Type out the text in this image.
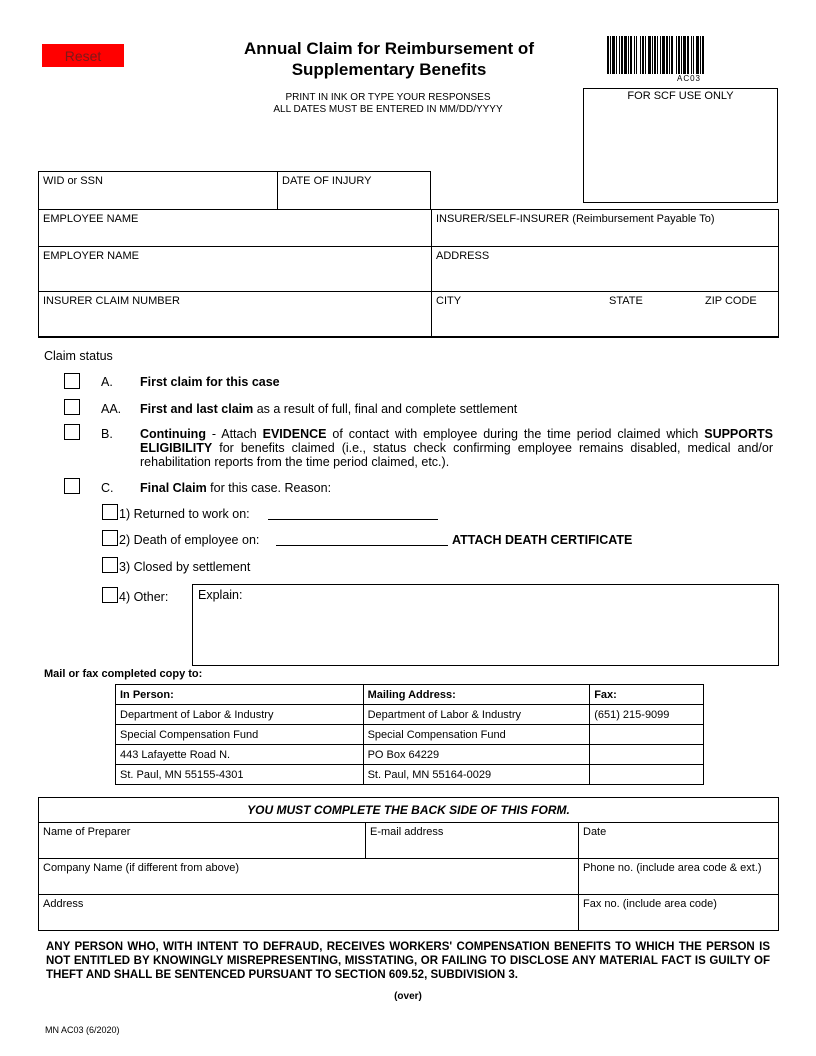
Reset	Annual Claim for Reimbursement of
Supplementary Benefits
PRINT IN INK OR TYPE YOUR RESPONSES
ALL DATES MUST BE ENTERED IN MM/DD/YYYY
AC03
FOR SCF USE ONLY
WID or SSN	DATE OF INJURY
EMPLOYEE NAME	INSURER/SELF-INSURER (Reimbursement Payable To)
EMPLOYER NAME	ADDRESS
INSURER CLAIM NUMBER	CITY	STATE	ZIP CODE
Claim status
A. First claim for this case
AA. First and last claim as a result of full, final and complete settlement
B. Continuing - Attach EVIDENCE of contact with employee during the time period claimed which SUPPORTS ELIGIBILITY for benefits claimed (i.e., status check confirming employee remains disabled, medical and/or rehabilitation reports from the time period claimed, etc.).
C. Final Claim for this case. Reason:
1) Returned to work on:
2) Death of employee on:	ATTACH DEATH CERTIFICATE
3) Closed by settlement
4) Other:	Explain:
Mail or fax completed copy to:
In Person:	Mailing Address:	Fax:
Department of Labor & Industry	Department of Labor & Industry	(651) 215-9099
Special Compensation Fund	Special Compensation Fund	
443 Lafayette Road N.	PO Box 64229	
St. Paul, MN 55155-4301	St. Paul, MN 55164-0029	
YOU MUST COMPLETE THE BACK SIDE OF THIS FORM.
Name of Preparer	E-mail address	Date
Company Name (if different from above)	Phone no. (include area code & ext.)
Address	Fax no. (include area code)
ANY PERSON WHO, WITH INTENT TO DEFRAUD, RECEIVES WORKERS' COMPENSATION BENEFITS TO WHICH THE PERSON IS NOT ENTITLED BY KNOWINGLY MISREPRESENTING, MISSTATING, OR FAILING TO DISCLOSE ANY MATERIAL FACT IS GUILTY OF THEFT AND SHALL BE SENTENCED PURSUANT TO SECTION 609.52, SUBDIVISION 3.
(over)
MN AC03 (6/2020)
